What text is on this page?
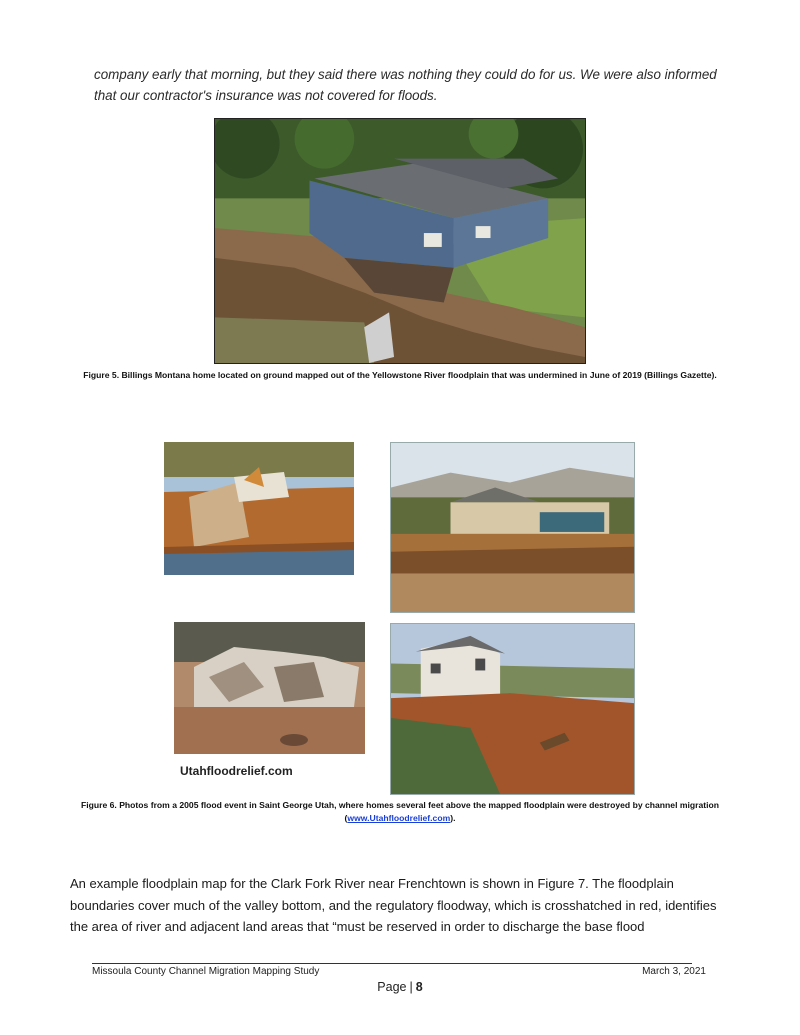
company early that morning, but they said there was nothing they could do for us. We were also informed that our contractor's insurance was not covered for floods.
Figure 5. Billings Montana home located on ground mapped out of the Yellowstone River floodplain that was undermined in June of 2019 (Billings Gazette).
Utahfloodrelief.com
Figure 6. Photos from a 2005 flood event in Saint George Utah, where homes several feet above the mapped floodplain were destroyed by channel migration (www.Utahfloodrelief.com).
An example floodplain map for the Clark Fork River near Frenchtown is shown in Figure 7. The floodplain boundaries cover much of the valley bottom, and the regulatory floodway, which is crosshatched in red, identifies the area of river and adjacent land areas that “must be reserved in order to discharge the base flood
Missoula County Channel Migration Mapping Study	March 3, 2021
Page | 8
